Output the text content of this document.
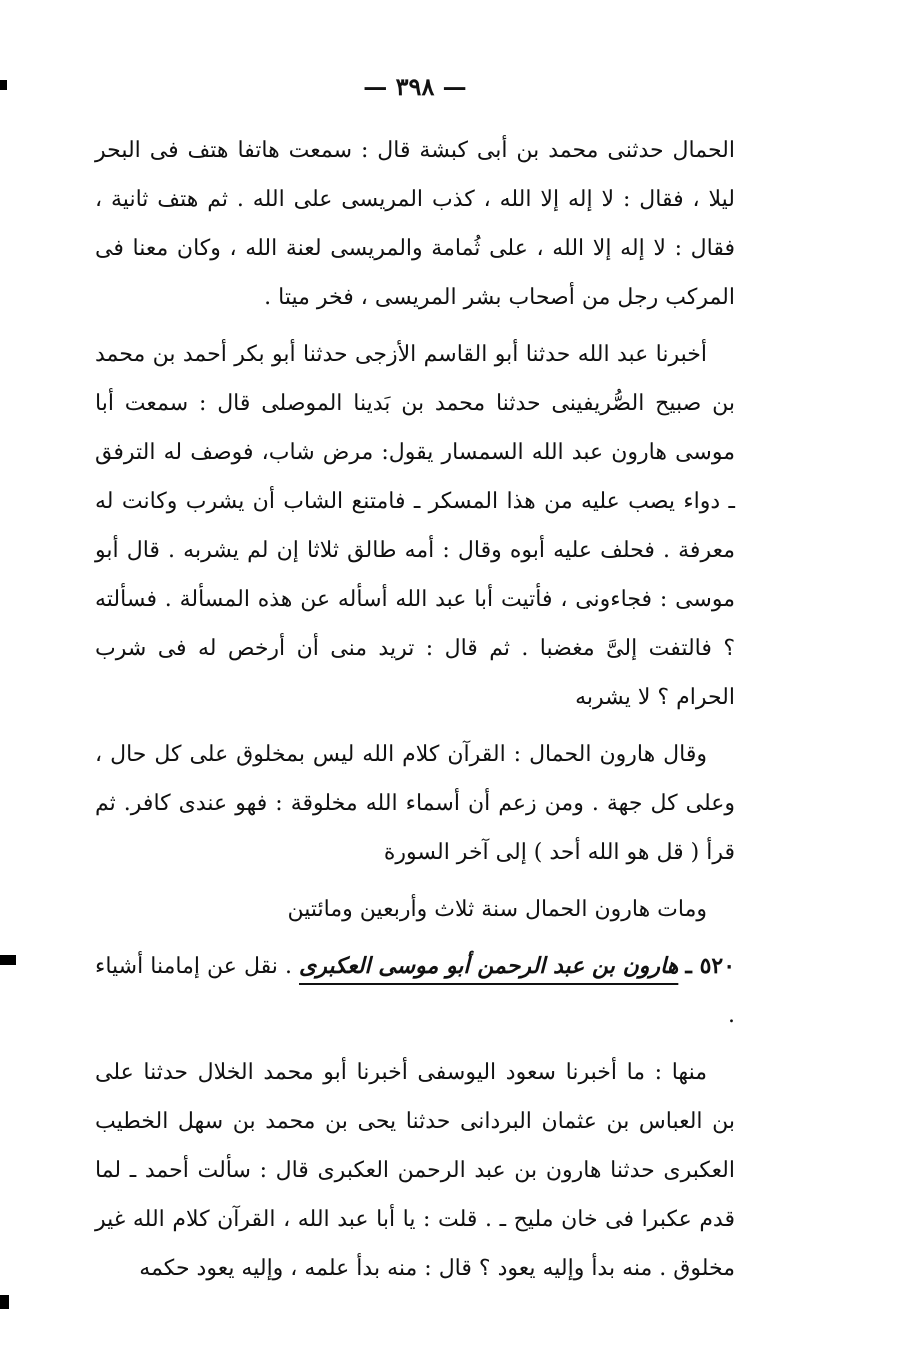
— ٣٩٨ —

الحمال حدثنى محمد بن أبى كبشة قال : سمعت هاتفا هتف فى البحر ليلا ، فقال : لا إله إلا الله ، كذب المريسى على الله . ثم هتف ثانية ، فقال : لا إله إلا الله ، على ثُمامة والمريسى لعنة الله ، وكان معنا فى المركب رجل من أصحاب بشر المريسى ، فخر ميتا .

أخبرنا عبد الله حدثنا أبو القاسم الأزجى حدثنا أبو بكر أحمد بن محمد بن صبيح الصُّريفينى حدثنا محمد بن بَدينا الموصلى قال : سمعت أبا موسى هارون عبد الله السمسار يقول: مرض شاب، فوصف له الترفق ـ دواء يصب عليه من هذا المسكر ـ فامتنع الشاب أن يشرب وكانت له معرفة . فحلف عليه أبوه وقال : أمه طالق ثلاثا إن لم يشربه . قال أبو موسى : فجاءونى ، فأتيت أبا عبد الله أسأله عن هذه المسألة . فسألته ؟ فالتفت إلىَّ مغضبا . ثم قال : تريد منى أن أرخص له فى شرب الحرام ؟ لا يشربه

وقال هارون الحمال : القرآن كلام الله ليس بمخلوق على كل حال ، وعلى كل جهة . ومن زعم أن أسماء الله مخلوقة : فهو عندى كافر. ثم قرأ ( قل هو الله أحد ) إلى آخر السورة

ومات هارون الحمال سنة ثلاث وأربعين ومائتين

٥٢٠ ـ هارون بن عبد الرحمن أبو موسى العكبرى . نقل عن إمامنا أشياء .

منها : ما أخبرنا سعود اليوسفى أخبرنا أبو محمد الخلال حدثنا على بن العباس بن عثمان البردانى حدثنا يحى بن محمد بن سهل الخطيب العكبرى حدثنا هارون بن عبد الرحمن العكبرى قال : سألت أحمد ـ لما قدم عكبرا فى خان مليح ـ . قلت : يا أبا عبد الله ، القرآن كلام الله غير مخلوق . منه بدأ وإليه يعود ؟ قال : منه بدأ علمه ، وإليه يعود حكمه
